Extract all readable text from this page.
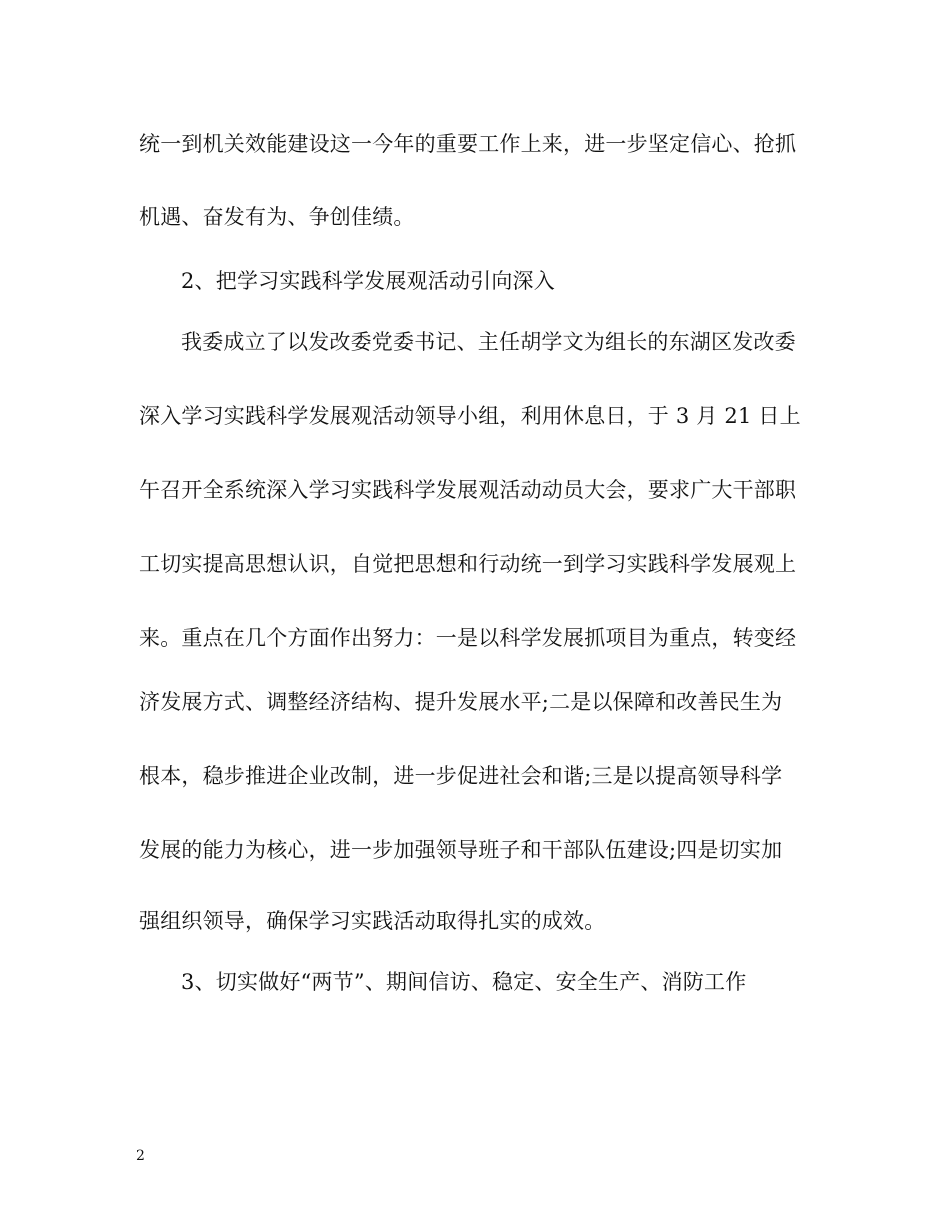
统一到机关效能建设这一今年的重要工作上来，进一步坚定信心、抢抓
机遇、奋发有为、争创佳绩。
2、把学习实践科学发展观活动引向深入
我委成立了以发改委党委书记、主任胡学文为组长的东湖区发改委
深入学习实践科学发展观活动领导小组，利用休息日，于 3 月 21 日上
午召开全系统深入学习实践科学发展观活动动员大会，要求广大干部职
工切实提高思想认识，自觉把思想和行动统一到学习实践科学发展观上
来。重点在几个方面作出努力：一是以科学发展抓项目为重点，转变经
济发展方式、调整经济结构、提升发展水平;二是以保障和改善民生为
根本，稳步推进企业改制，进一步促进社会和谐;三是以提高领导科学
发展的能力为核心，进一步加强领导班子和干部队伍建设;四是切实加
强组织领导，确保学习实践活动取得扎实的成效。
3、切实做好“两节”、期间信访、稳定、安全生产、消防工作
2
